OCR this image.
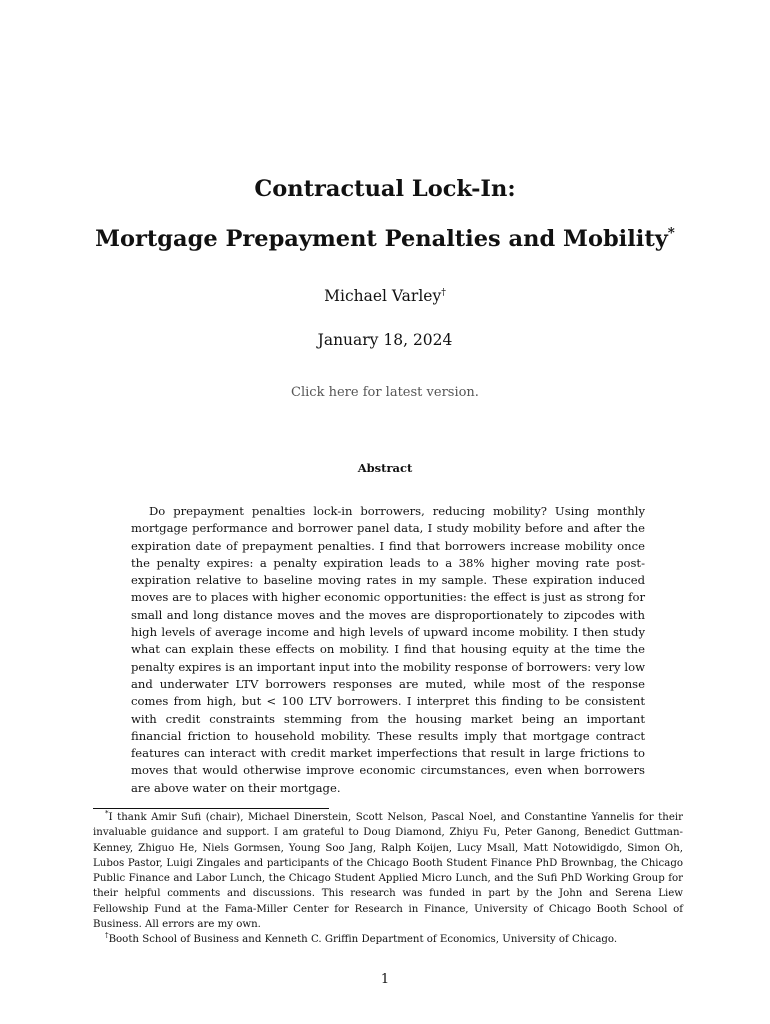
Contractual Lock-In:
Mortgage Prepayment Penalties and Mobility*
Michael Varley†
January 18, 2024
Click here for latest version.
Abstract
Do prepayment penalties lock-in borrowers, reducing mobility? Using monthly mortgage performance and borrower panel data, I study mobility before and after the expiration date of prepayment penalties. I find that borrowers increase mobility once the penalty expires: a penalty expiration leads to a 38% higher moving rate post-expiration relative to baseline moving rates in my sample. These expiration induced moves are to places with higher economic opportunities: the effect is just as strong for small and long distance moves and the moves are disproportionately to zipcodes with high levels of average income and high levels of upward income mobility. I then study what can explain these effects on mobility. I find that housing equity at the time the penalty expires is an important input into the mobility response of borrowers: very low and underwater LTV borrowers responses are muted, while most of the response comes from high, but < 100 LTV borrowers. I interpret this finding to be consistent with credit constraints stemming from the housing market being an important financial friction to household mobility. These results imply that mortgage contract features can interact with credit market imperfections that result in large frictions to moves that would otherwise improve economic circumstances, even when borrowers are above water on their mortgage.
*I thank Amir Sufi (chair), Michael Dinerstein, Scott Nelson, Pascal Noel, and Constantine Yannelis for their invaluable guidance and support. I am grateful to Doug Diamond, Zhiyu Fu, Peter Ganong, Benedict Guttman-Kenney, Zhiguo He, Niels Gormsen, Young Soo Jang, Ralph Koijen, Lucy Msall, Matt Notowidigdo, Simon Oh, Lubos Pastor, Luigi Zingales and participants of the Chicago Booth Student Finance PhD Brownbag, the Chicago Public Finance and Labor Lunch, the Chicago Student Applied Micro Lunch, and the Sufi PhD Working Group for their helpful comments and discussions. This research was funded in part by the John and Serena Liew Fellowship Fund at the Fama-Miller Center for Research in Finance, University of Chicago Booth School of Business. All errors are my own.
†Booth School of Business and Kenneth C. Griffin Department of Economics, University of Chicago.
1
